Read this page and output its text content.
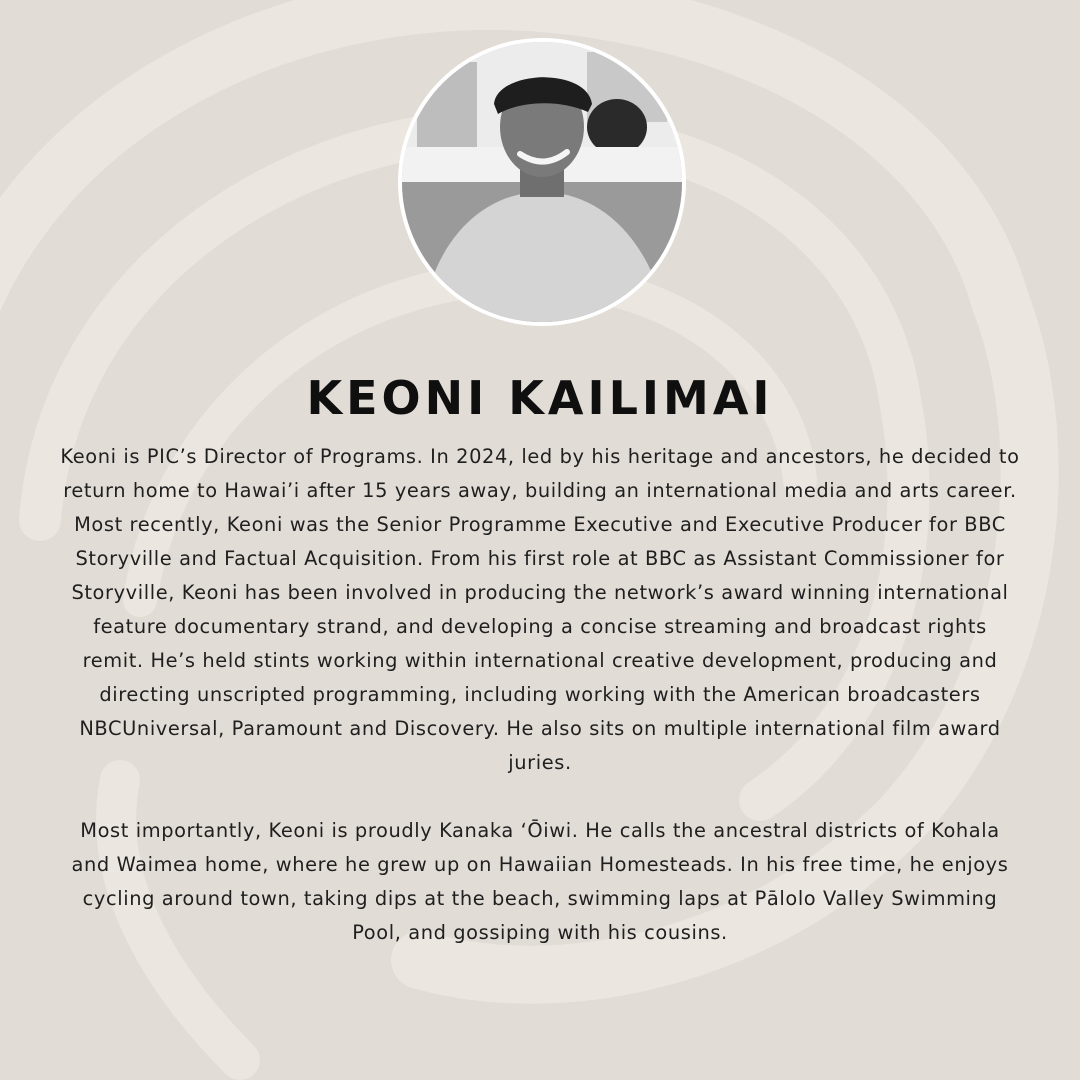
KEONI KAILIMAI

Keoni is PIC’s Director of Programs. In 2024, led by his heritage and ancestors, he decided to return home to Hawai’i after 15 years away, building an international media and arts career. Most recently, Keoni was the Senior Programme Executive and Executive Producer for BBC Storyville and Factual Acquisition. From his first role at BBC as Assistant Commissioner for Storyville, Keoni has been involved in producing the network’s award winning international feature documentary strand, and developing a concise streaming and broadcast rights remit. He’s held stints working within international creative development, producing and directing unscripted programming, including working with the American broadcasters NBCUniversal, Paramount and Discovery. He also sits on multiple international film award juries.

Most importantly, Keoni is proudly Kanaka ʻŌiwi. He calls the ancestral districts of Kohala and Waimea home, where he grew up on Hawaiian Homesteads. In his free time, he enjoys cycling around town, taking dips at the beach, swimming laps at Pālolo Valley Swimming Pool, and gossiping with his cousins.
